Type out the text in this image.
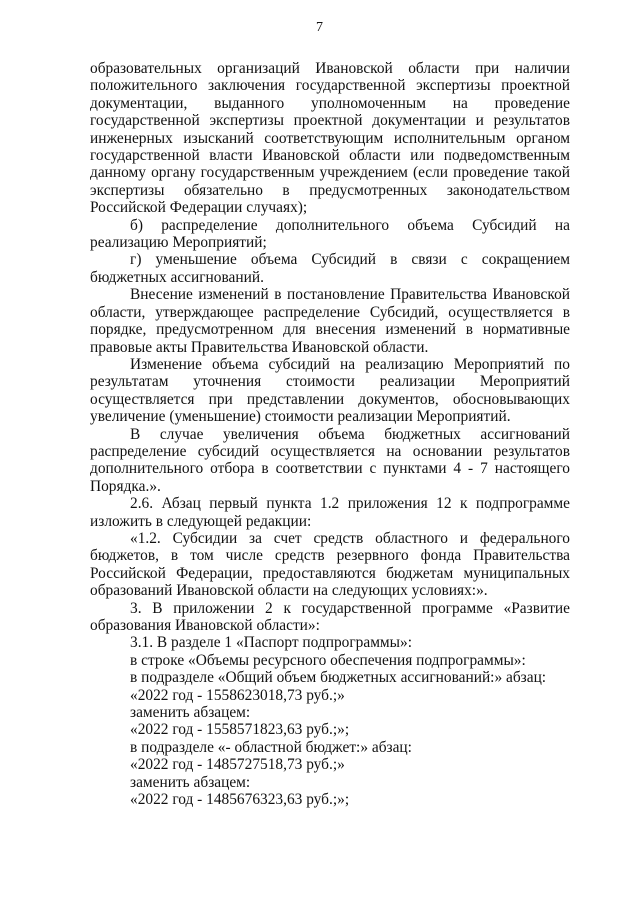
7

образовательных организаций Ивановской области при наличии положительного заключения государственной экспертизы проектной документации, выданного уполномоченным на проведение государственной экспертизы проектной документации и результатов инженерных изысканий соответствующим исполнительным органом государственной власти Ивановской области или подведомственным данному органу государственным учреждением (если проведение такой экспертизы обязательно в предусмотренных законодательством Российской Федерации случаях);

б) распределение дополнительного объема Субсидий на реализацию Мероприятий;

г) уменьшение объема Субсидий в связи с сокращением бюджетных ассигнований.

Внесение изменений в постановление Правительства Ивановской области, утверждающее распределение Субсидий, осуществляется в порядке, предусмотренном для внесения изменений в нормативные правовые акты Правительства Ивановской области.

Изменение объема субсидий на реализацию Мероприятий по результатам уточнения стоимости реализации Мероприятий осуществляется при представлении документов, обосновывающих увеличение (уменьшение) стоимости реализации Мероприятий.

В случае увеличения объема бюджетных ассигнований распределение субсидий осуществляется на основании результатов дополнительного отбора в соответствии с пунктами 4 - 7 настоящего Порядка.».

2.6. Абзац первый пункта 1.2 приложения 12 к подпрограмме изложить в следующей редакции:

«1.2. Субсидии за счет средств областного и федерального бюджетов, в том числе средств резервного фонда Правительства Российской Федерации, предоставляются бюджетам муниципальных образований Ивановской области на следующих условиях:».

3. В приложении 2 к государственной программе «Развитие образования Ивановской области»:

3.1. В разделе 1 «Паспорт подпрограммы»:

в строке «Объемы ресурсного обеспечения подпрограммы»:

в подразделе «Общий объем бюджетных ассигнований:» абзац:

«2022 год - 1558623018,73 руб.;»

заменить абзацем:

«2022 год - 1558571823,63 руб.;»;

в подразделе «- областной бюджет:» абзац:

«2022 год - 1485727518,73 руб.;»

заменить абзацем:

«2022 год - 1485676323,63 руб.;»;
